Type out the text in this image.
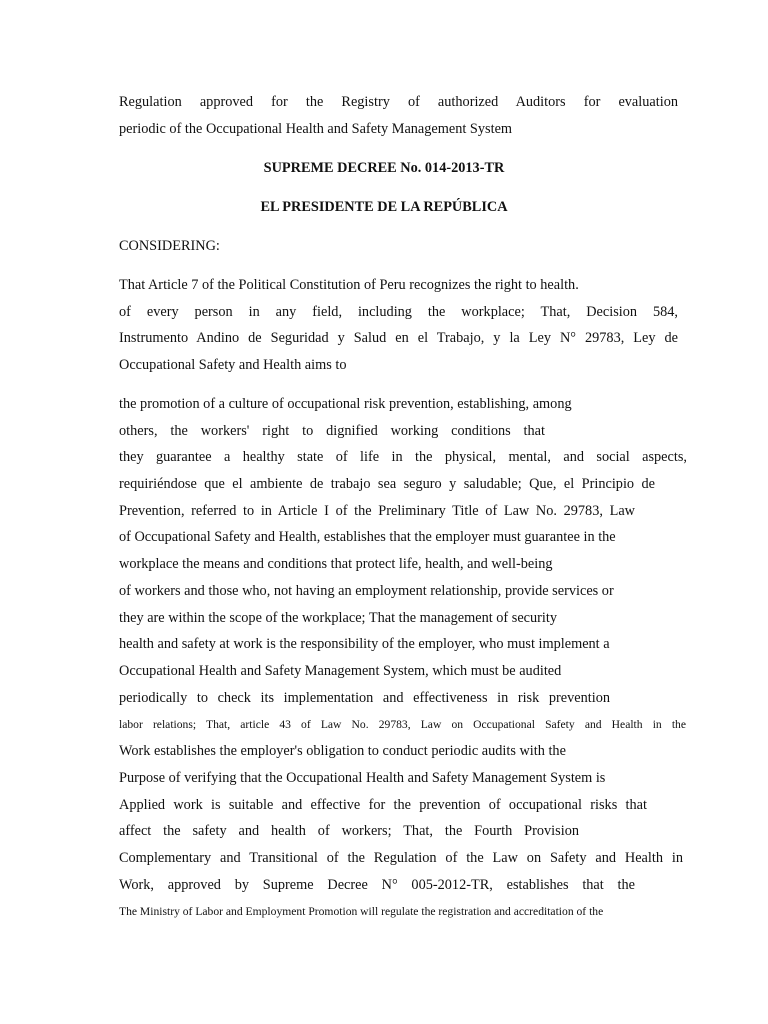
Regulation approved for the Registry of authorized Auditors for evaluation
periodic of the Occupational Health and Safety Management System
SUPREME DECREE No. 014-2013-TR
EL PRESIDENTE DE LA REPÚBLICA
CONSIDERING:
That Article 7 of the Political Constitution of Peru recognizes the right to health.
of every person in any field, including the workplace; That, Decision 584,
Instrumento Andino de Seguridad y Salud en el Trabajo, y la Ley N° 29783, Ley de
Occupational Safety and Health aims to
the promotion of a culture of occupational risk prevention, establishing, among
others, the workers' right to dignified working conditions that
they guarantee a healthy state of life in the physical, mental, and social aspects,
requiriéndose que el ambiente de trabajo sea seguro y saludable; Que, el Principio de
Prevention, referred to in Article I of the Preliminary Title of Law No. 29783, Law
of Occupational Safety and Health, establishes that the employer must guarantee in the
workplace the means and conditions that protect life, health, and well-being
of workers and those who, not having an employment relationship, provide services or
they are within the scope of the workplace; That the management of security
health and safety at work is the responsibility of the employer, who must implement a
Occupational Health and Safety Management System, which must be audited
periodically to check its implementation and effectiveness in risk prevention
labor relations; That, article 43 of Law No. 29783, Law on Occupational Safety and Health in the
Work establishes the employer's obligation to conduct periodic audits with the
Purpose of verifying that the Occupational Health and Safety Management System is
Applied work is suitable and effective for the prevention of occupational risks that
affect the safety and health of workers; That, the Fourth Provision
Complementary and Transitional of the Regulation of the Law on Safety and Health in
Work, approved by Supreme Decree N° 005-2012-TR, establishes that the
The Ministry of Labor and Employment Promotion will regulate the registration and accreditation of the
